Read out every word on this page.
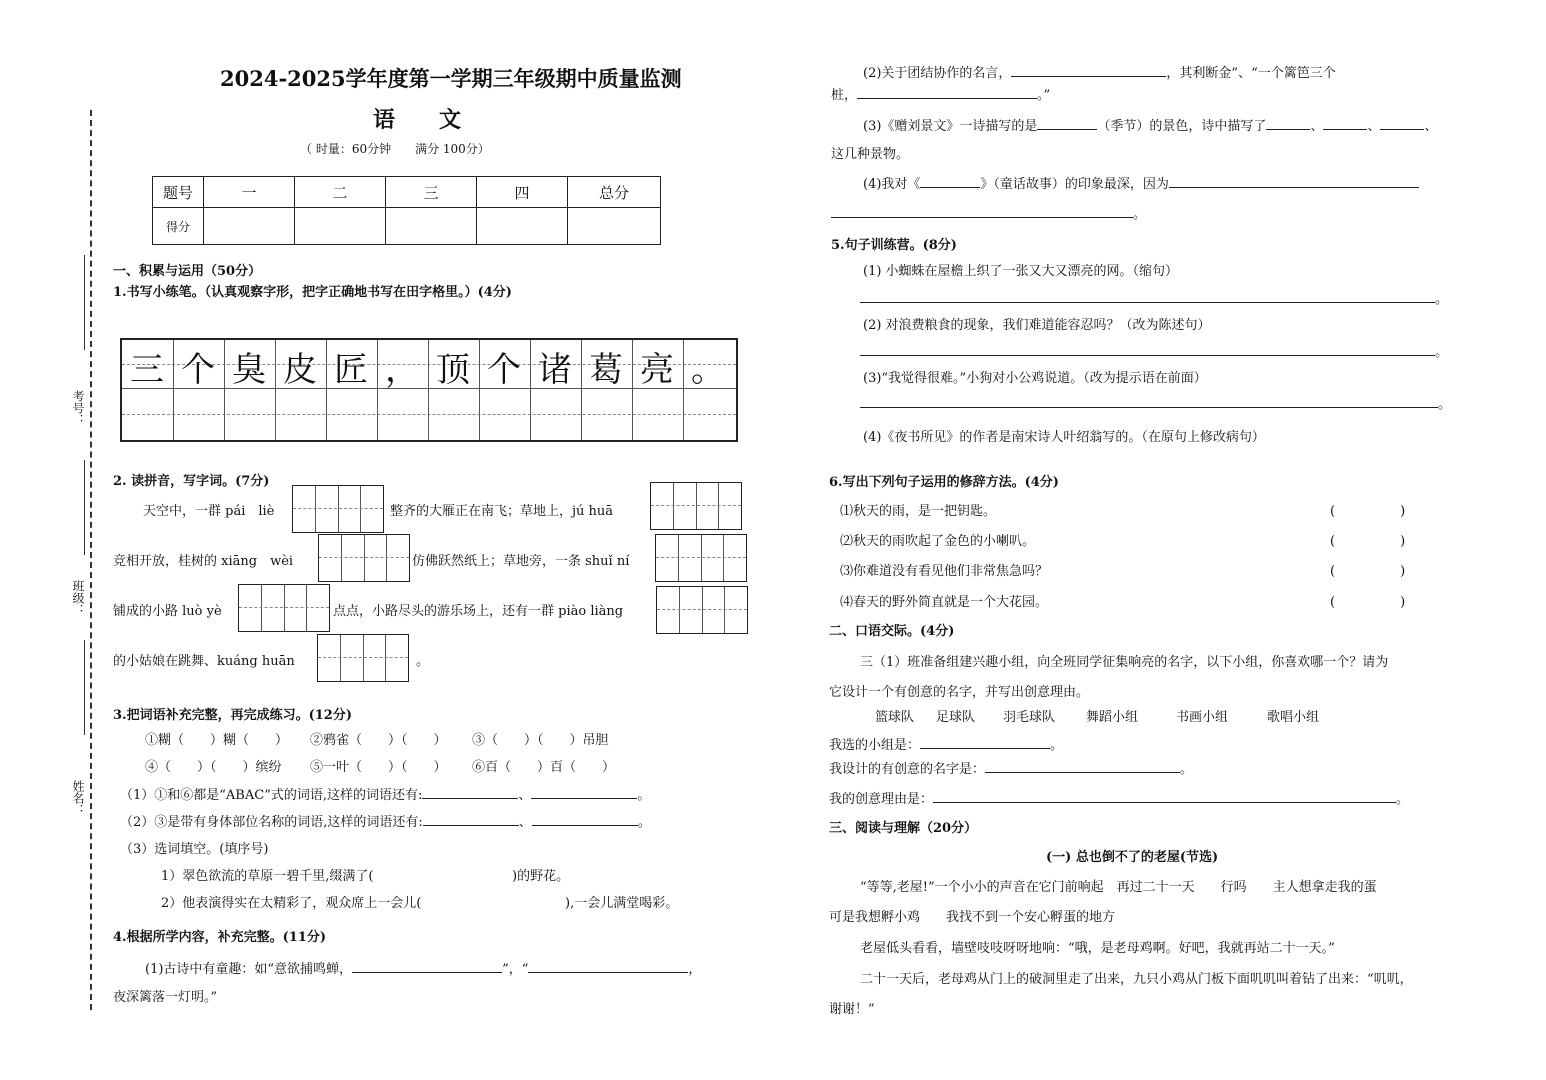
考号：
班级：
姓名：
2024-2025学年度第一学期三年级期中质量监测
语　　文
（ 时量：60分钟　　满分 100分）
题号	一	二	三	四	总分
得分					
一、积累与运用（50分）
1.书写小练笔。（认真观察字形，把字正确地书写在田字格里。）(4分)
三 个 臭 皮 匠 ， 顶 个 诸 葛 亮 。
2. 读拼音，写字词。(7分)
天空中，一群 pái　liè	整齐的大雁正在南飞；草地上，jú huā
竞相开放，桂树的 xiāng　wèi	仿佛跃然纸上；草地旁，一条 shuǐ ní
铺成的小路 luò yè	点点，小路尽头的游乐场上，还有一群 piào liàng
的小姑娘在跳舞、kuáng huān	。
3.把词语补充完整，再完成练习。(12分)
①糊（　　）糊（　　） ②鸦雀（　　）（　　） ③（　　）（　　）吊胆
④（　　）（　　）缤纷 ⑤一叶（　　）（　　） ⑥百（　　）百（　　）
（1）①和⑥都是“ABAC”式的词语,这样的词语还有:	、	。
（2）③是带有身体部位名称的词语,这样的词语还有:	、	。
（3）选词填空。(填序号)
1）翠色欲流的草原一碧千里,缀满了(	)的野花。
2）他表演得实在太精彩了，观众席上一会儿(	),一会儿满堂喝彩。
4.根据所学内容，补充完整。(11分)
(1)古诗中有童趣：如“意欲捕鸣蝉，	”，“	，
夜深篱落一灯明。”
(2)关于团结协作的名言，	，其利断金”、“一个篱笆三个
桩，	。”
(3)《赠刘景文》一诗描写的是	（季节）的景色，诗中描写了	、	、	、
这几种景物。
(4)我对《	》（童话故事）的印象最深，因为
。
5.句子训练营。(8分)
(1) 小蜘蛛在屋檐上织了一张又大又漂亮的网。（缩句）
。
(2) 对浪费粮食的现象，我们难道能容忍吗？（改为陈述句）
。
(3)“我觉得很难。”小狗对小公鸡说道。（改为提示语在前面）
。
(4)《夜书所见》的作者是南宋诗人叶绍翁写的。（在原句上修改病句）
6.写出下列句子运用的修辞方法。(4分)
⑴秋天的雨，是一把钥匙。	(　　　　　)
⑵秋天的雨吹起了金色的小喇叭。	(　　　　　)
⑶你难道没有看见他们非常焦急吗？	(　　　　　)
⑷春天的野外简直就是一个大花园。	(　　　　　)
二、口语交际。(4分)
三（1）班准备组建兴趣小组，向全班同学征集响亮的名字，以下小组，你喜欢哪一个？请为
它设计一个有创意的名字，并写出创意理由。
篮球队 足球队 羽毛球队 舞蹈小组	书画小组	歌唱小组
我选的小组是：	。
我设计的有创意的名字是：	。
我的创意理由是：	。
三、阅读与理解（20分）
(一) 总也倒不了的老屋(节选)
“等等,老屋!”一个小小的声音在它门前响起　再过二十一天　　行吗　　主人想拿走我的蛋
可是我想孵小鸡　　我找不到一个安心孵蛋的地方
老屋低头看看，墙壁吱吱呀呀地响：“哦，是老母鸡啊。好吧，我就再站二十一天。”
二十一天后，老母鸡从门上的破洞里走了出来，九只小鸡从门板下面叽叽叫着钻了出来：“叽叽，
谢谢！”
